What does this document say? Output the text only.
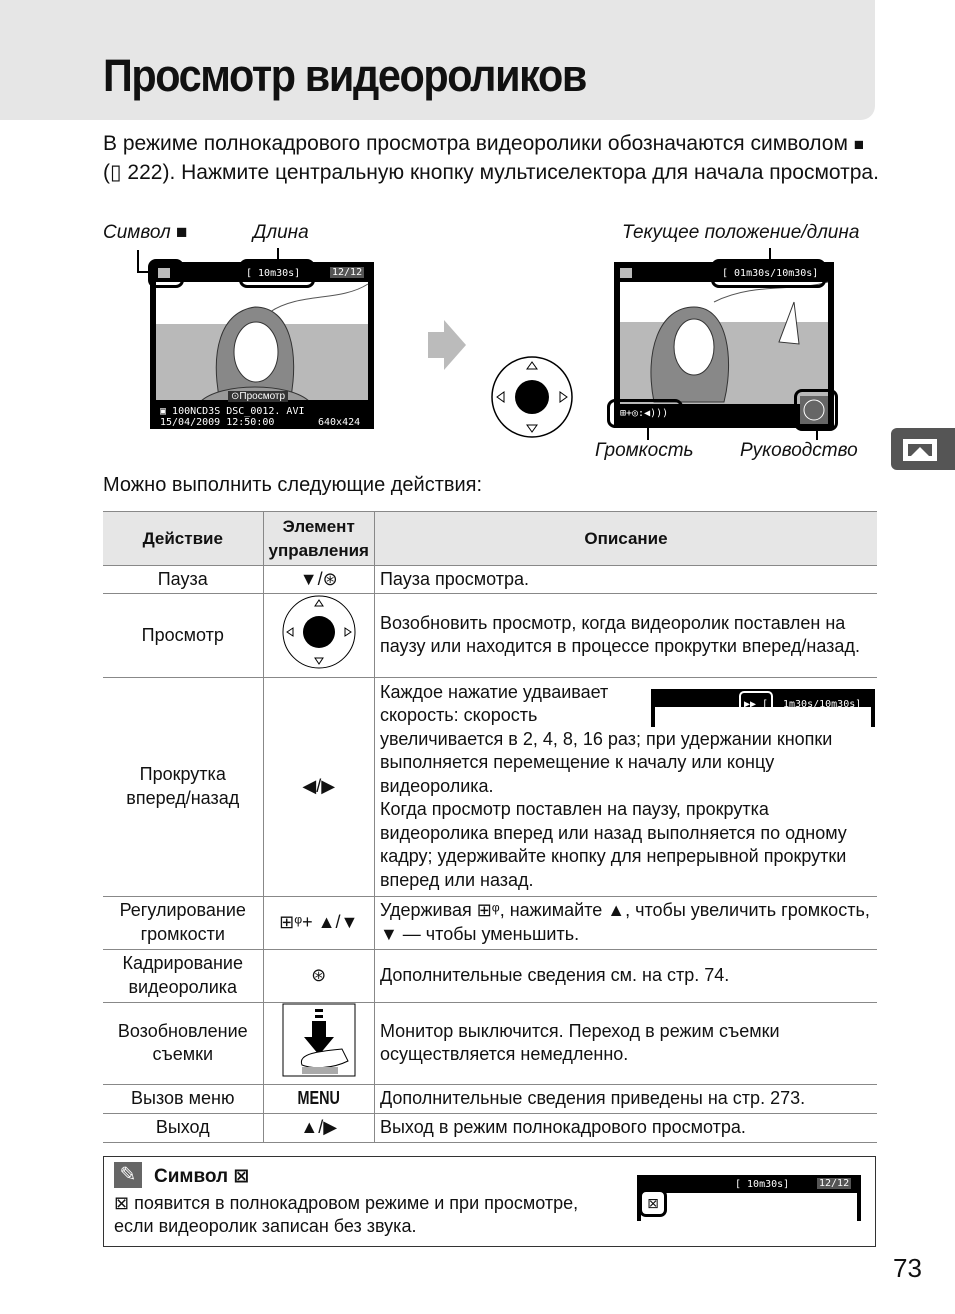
Просмотр видеороликов
В режиме полнокадрового просмотра видеоролики обозначаются символом ■ (▯ 222). Нажмите центральную кнопку мультиселектора для начала просмотра.
Символ ■	Длина	Текущее положение/длина
[ 10m30s]	12/12
⊙Просмотр
▣ 100NCD3S DSC_0012. AVI
15/04/2009 12:50:00	640x424
[ 01m30s/10m30s]
⊞+◎:◀)))
Громкость Руководство
Можно выполнить следующие действия:
Действие	Элемент управления	Описание
Пауза	▼/⊛	Пауза просмотра.
Просмотр		Возобновить просмотр, когда видеоролик поставлен на паузу или находится в процессе прокрутки вперед/назад.
Прокрутка вперед/назад	◀/▶	▶▶ [ 1m30s/10m30s]
Каждое нажатие удваивает скорость: скорость увеличивается в 2, 4, 8, 16 раз; при удержании кнопки выполняется перемещение к началу или концу видеоролика.
Когда просмотр поставлен на паузу, прокрутка видеоролика вперед или назад выполняется по одному кадру; удерживайте кнопку для непрерывной прокрутки вперед или назад.
Регулирование громкости	⊞ᵠ+ ▲/▼	Удерживая ⊞ᵠ, нажимайте ▲, чтобы увеличить громкость, ▼ — чтобы уменьшить.
Кадрирование видеоролика	⊛	Дополнительные сведения см. на стр. 74.
Возобновление съемки		Монитор выключится. Переход в режим съемки осуществляется немедленно.
Вызов меню	MENU	Дополнительные сведения приведены на стр. 273.
Выход	▲/▶	Выход в режим полнокадрового просмотра.
✎ Символ ⊠
⊠ появится в полнокадровом режиме и при просмотре, если видеоролик записан без звука.
[ 10m30s]	12/12
⊠
73
